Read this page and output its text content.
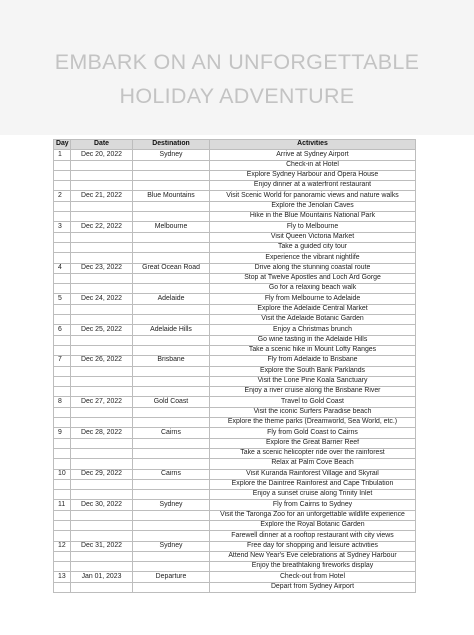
EMBARK ON AN UNFORGETTABLE
HOLIDAY ADVENTURE
Day	Date	Destination	Activities
1	Dec 20, 2022	Sydney	Arrive at Sydney Airport
			Check-in at Hotel
			Explore Sydney Harbour and Opera House
			Enjoy dinner at a waterfront restaurant
2	Dec 21, 2022	Blue Mountains	Visit Scenic World for panoramic views and nature walks
			Explore the Jenolan Caves
			Hike in the Blue Mountains National Park
3	Dec 22, 2022	Melbourne	Fly to Melbourne
			Visit Queen Victoria Market
			Take a guided city tour
			Experience the vibrant nightlife
4	Dec 23, 2022	Great Ocean Road	Drive along the stunning coastal route
			Stop at Twelve Apostles and Loch Ard Gorge
			Go for a relaxing beach walk
5	Dec 24, 2022	Adelaide	Fly from Melbourne to Adelaide
			Explore the Adelaide Central Market
			Visit the Adelaide Botanic Garden
6	Dec 25, 2022	Adelaide Hills	Enjoy a Christmas brunch
			Go wine tasting in the Adelaide Hills
			Take a scenic hike in Mount Lofty Ranges
7	Dec 26, 2022	Brisbane	Fly from Adelaide to Brisbane
			Explore the South Bank Parklands
			Visit the Lone Pine Koala Sanctuary
			Enjoy a river cruise along the Brisbane River
8	Dec 27, 2022	Gold Coast	Travel to Gold Coast
			Visit the iconic Surfers Paradise beach
			Explore the theme parks (Dreamworld, Sea World, etc.)
9	Dec 28, 2022	Cairns	Fly from Gold Coast to Cairns
			Explore the Great Barrier Reef
			Take a scenic helicopter ride over the rainforest
			Relax at Palm Cove Beach
10	Dec 29, 2022	Cairns	Visit Kuranda Rainforest Village and Skyrail
			Explore the Daintree Rainforest and Cape Tribulation
			Enjoy a sunset cruise along Trinity Inlet
11	Dec 30, 2022	Sydney	Fly from Cairns to Sydney
			Visit the Taronga Zoo for an unforgettable wildlife experience
			Explore the Royal Botanic Garden
			Farewell dinner at a rooftop restaurant with city views
12	Dec 31, 2022	Sydney	Free day for shopping and leisure activities
			Attend New Year's Eve celebrations at Sydney Harbour
			Enjoy the breathtaking fireworks display
13	Jan 01, 2023	Departure	Check-out from Hotel
			Depart from Sydney Airport
